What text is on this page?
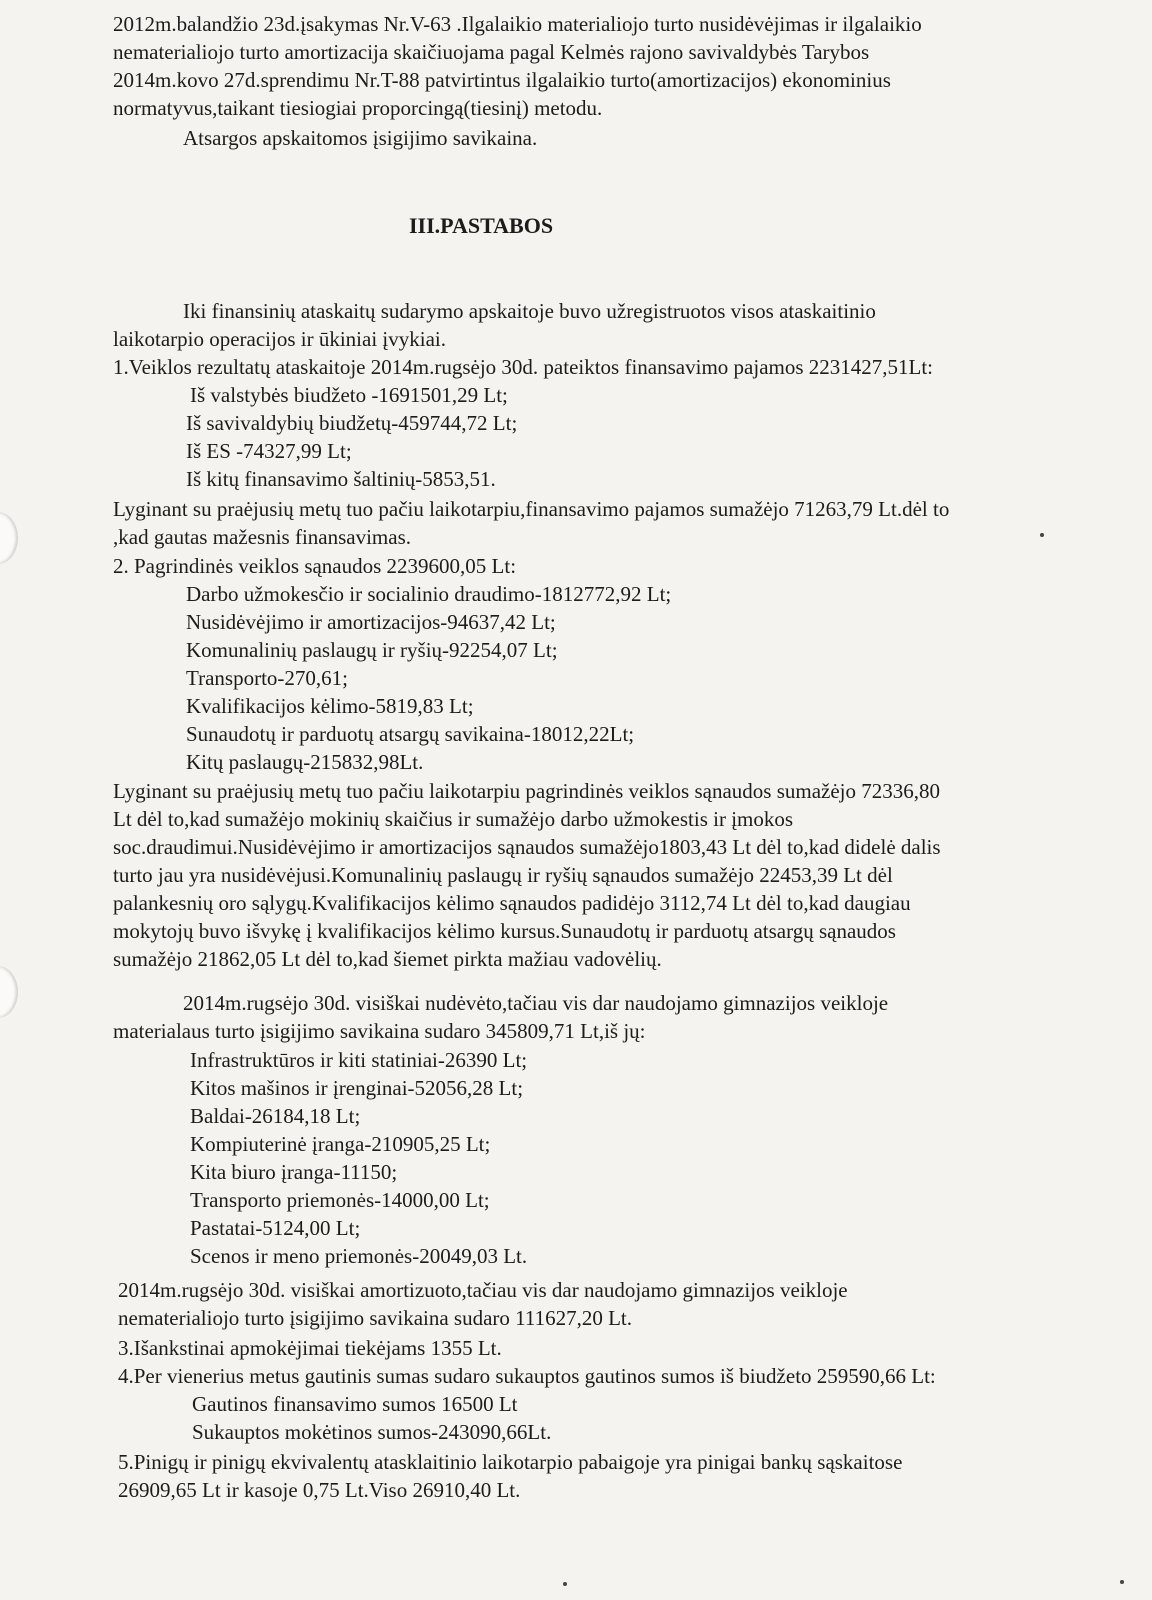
2012m.balandžio 23d.įsakymas Nr.V-63 .Ilgalaikio materialiojo turto nusidėvėjimas ir ilgalaikio
nematerialiojo turto amortizacija skaičiuojama pagal Kelmės rajono savivaldybės Tarybos
2014m.kovo 27d.sprendimu Nr.T-88 patvirtintus ilgalaikio turto(amortizacijos) ekonominius
normatyvus,taikant tiesiogiai proporcingą(tiesinį) metodu.
Atsargos apskaitomos įsigijimo savikaina.
III.PASTABOS
Iki finansinių ataskaitų sudarymo apskaitoje buvo užregistruotos visos ataskaitinio
laikotarpio operacijos ir ūkiniai įvykiai.
1.Veiklos rezultatų ataskaitoje 2014m.rugsėjo 30d. pateiktos finansavimo pajamos 2231427,51Lt:
Iš valstybės biudžeto -1691501,29 Lt;
Iš savivaldybių biudžetų-459744,72 Lt;
Iš ES -74327,99 Lt;
Iš kitų finansavimo šaltinių-5853,51.
Lyginant su praėjusių metų tuo pačiu laikotarpiu,finansavimo pajamos sumažėjo 71263,79 Lt.dėl to
,kad gautas mažesnis finansavimas.
2. Pagrindinės veiklos sąnaudos 2239600,05 Lt:
Darbo užmokesčio ir socialinio draudimo-1812772,92 Lt;
Nusidėvėjimo ir amortizacijos-94637,42 Lt;
Komunalinių paslaugų ir ryšių-92254,07 Lt;
Transporto-270,61;
Kvalifikacijos kėlimo-5819,83 Lt;
Sunaudotų ir parduotų atsargų savikaina-18012,22Lt;
Kitų paslaugų-215832,98Lt.
Lyginant su praėjusių metų tuo pačiu laikotarpiu pagrindinės veiklos sąnaudos sumažėjo 72336,80
Lt dėl to,kad sumažėjo mokinių skaičius ir sumažėjo darbo užmokestis ir įmokos
soc.draudimui.Nusidėvėjimo ir amortizacijos sąnaudos sumažėjo1803,43 Lt dėl to,kad didelė dalis
turto jau yra nusidėvėjusi.Komunalinių paslaugų ir ryšių sąnaudos sumažėjo 22453,39 Lt dėl
palankesnių oro sąlygų.Kvalifikacijos kėlimo sąnaudos padidėjo 3112,74 Lt dėl to,kad daugiau
mokytojų buvo išvykę į kvalifikacijos kėlimo kursus.Sunaudotų ir parduotų atsargų sąnaudos
sumažėjo 21862,05 Lt dėl to,kad šiemet pirkta mažiau vadovėlių.
2014m.rugsėjo 30d. visiškai nudėvėto,tačiau vis dar naudojamo gimnazijos veikloje
materialaus turto įsigijimo savikaina sudaro 345809,71 Lt,iš jų:
Infrastruktūros ir kiti statiniai-26390 Lt;
Kitos mašinos ir įrenginai-52056,28 Lt;
Baldai-26184,18 Lt;
Kompiuterinė įranga-210905,25 Lt;
Kita biuro įranga-11150;
Transporto priemonės-14000,00 Lt;
Pastatai-5124,00 Lt;
Scenos ir meno priemonės-20049,03 Lt.
2014m.rugsėjo 30d. visiškai amortizuoto,tačiau vis dar naudojamo gimnazijos veikloje
nematerialiojo turto įsigijimo savikaina sudaro 111627,20 Lt.
3.Išankstinai apmokėjimai tiekėjams 1355 Lt.
4.Per vienerius metus gautinis sumas sudaro sukauptos gautinos sumos iš biudžeto 259590,66 Lt:
Gautinos finansavimo sumos 16500 Lt
Sukauptos mokėtinos sumos-243090,66Lt.
5.Pinigų ir pinigų ekvivalentų atasklaitinio laikotarpio pabaigoje yra pinigai bankų sąskaitose
26909,65 Lt ir kasoje 0,75 Lt.Viso 26910,40 Lt.
